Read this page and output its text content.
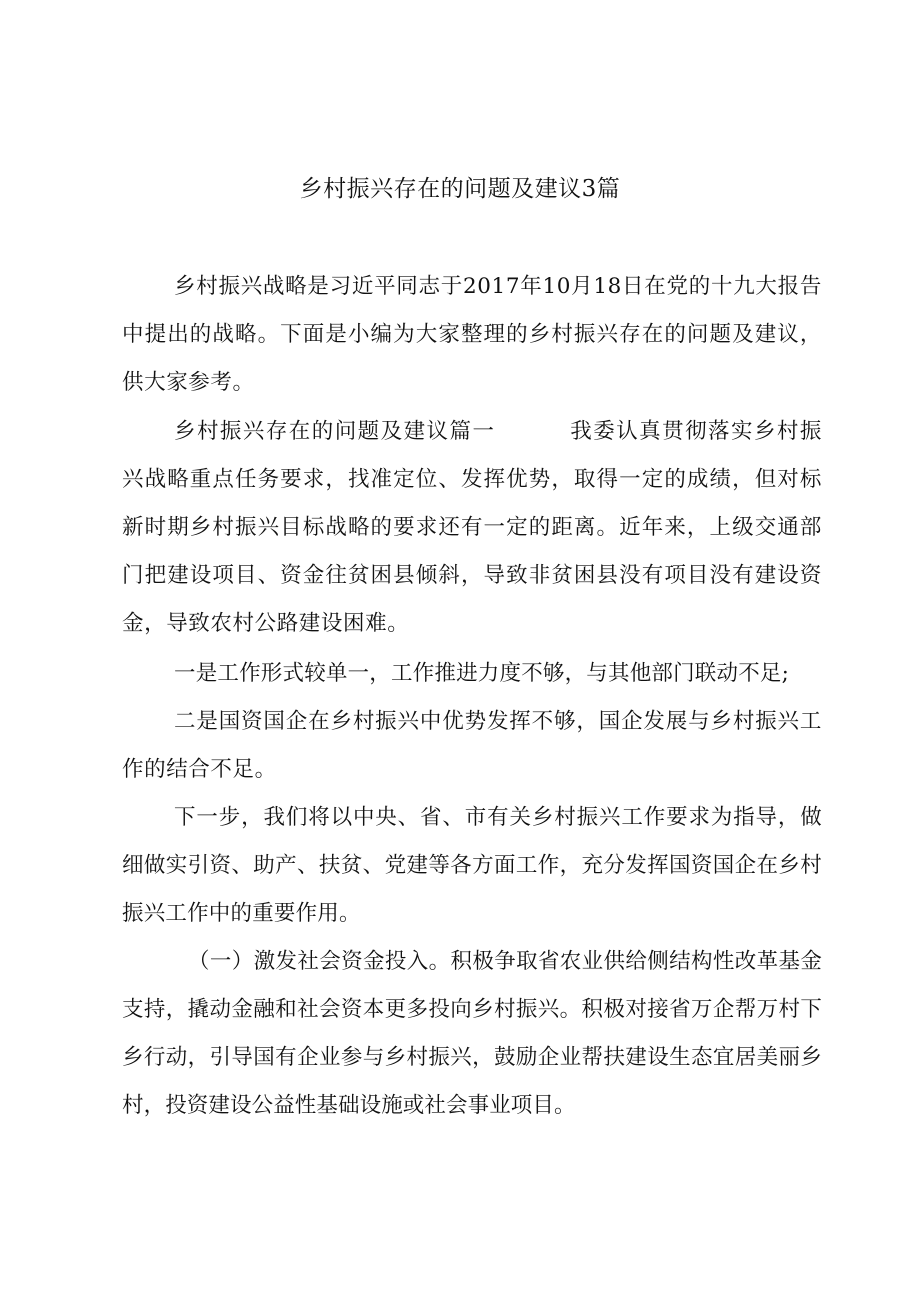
乡村振兴存在的问题及建议3篇

乡村振兴战略是习近平同志于2017年10月18日在党的十九大报告中提出的战略。下面是小编为大家整理的乡村振兴存在的问题及建议，供大家参考。

乡村振兴存在的问题及建议篇一	我委认真贯彻落实乡村振兴战略重点任务要求，找准定位、发挥优势，取得一定的成绩，但对标新时期乡村振兴目标战略的要求还有一定的距离。近年来，上级交通部门把建设项目、资金往贫困县倾斜，导致非贫困县没有项目没有建设资金，导致农村公路建设困难。

一是工作形式较单一，工作推进力度不够，与其他部门联动不足;

二是国资国企在乡村振兴中优势发挥不够，国企发展与乡村振兴工作的结合不足。

下一步，我们将以中央、省、市有关乡村振兴工作要求为指导，做细做实引资、助产、扶贫、党建等各方面工作，充分发挥国资国企在乡村振兴工作中的重要作用。

（一）激发社会资金投入。积极争取省农业供给侧结构性改革基金支持，撬动金融和社会资本更多投向乡村振兴。积极对接省万企帮万村下乡行动，引导国有企业参与乡村振兴，鼓励企业帮扶建设生态宜居美丽乡村，投资建设公益性基础设施或社会事业项目。
